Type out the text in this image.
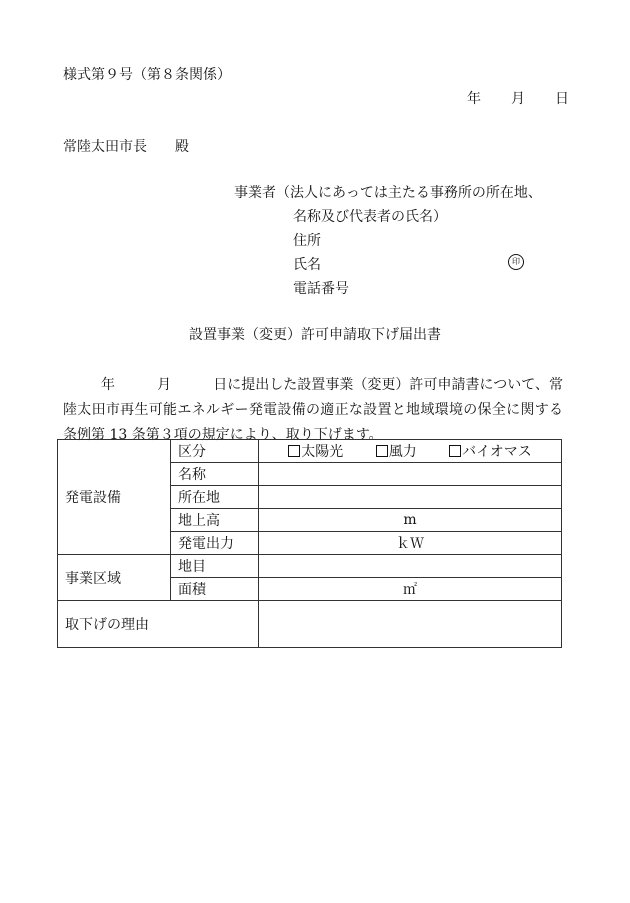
様式第９号（第８条関係）
年 月 日
常陸太田市長　　殿
事業者（法人にあっては主たる事務所の所在地、
名称及び代表者の氏名）
住所
氏名
電話番号
印
設置事業（変更）許可申請取下げ届出書
年　　　	月　　　	日に提出した設置事業（変更）許可申請書について、常陸太田市再生可能エネルギー発電設備の適正な設置と地域環境の保全に関する条例第 13 条第３項の規定により、取り下げます。
発電設備	区分	太陽光 風力 バイオマス
	名称	
	所在地	
	地上高	m
	発電出力	ｋＷ
事業区域	地目	
	面積	㎡
取下げの理由		
